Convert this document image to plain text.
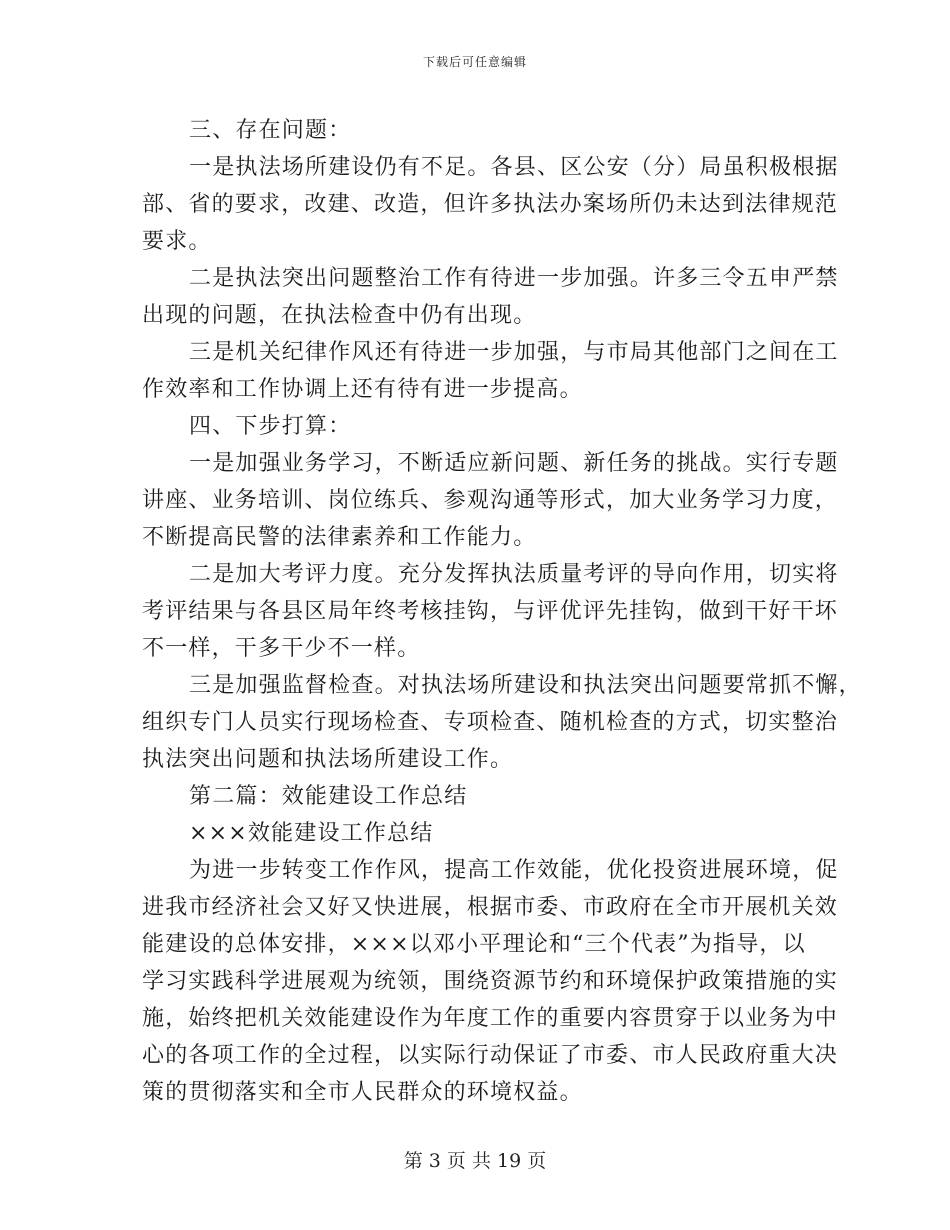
下载后可任意编辑
三、存在问题：
一是执法场所建设仍有不足。各县、区公安（分）局虽积极根据
部、省的要求，改建、改造，但许多执法办案场所仍未达到法律规范
要求。
二是执法突出问题整治工作有待进一步加强。许多三令五申严禁
出现的问题，在执法检查中仍有出现。
三是机关纪律作风还有待进一步加强，与市局其他部门之间在工
作效率和工作协调上还有待有进一步提高。
四、下步打算：
一是加强业务学习，不断适应新问题、新任务的挑战。实行专题
讲座、业务培训、岗位练兵、参观沟通等形式，加大业务学习力度，
不断提高民警的法律素养和工作能力。
二是加大考评力度。充分发挥执法质量考评的导向作用，切实将
考评结果与各县区局年终考核挂钩，与评优评先挂钩，做到干好干坏
不一样，干多干少不一样。
三是加强监督检查。对执法场所建设和执法突出问题要常抓不懈，
组织专门人员实行现场检查、专项检查、随机检查的方式，切实整治
执法突出问题和执法场所建设工作。
第二篇：效能建设工作总结
×××效能建设工作总结
为进一步转变工作作风，提高工作效能，优化投资进展环境，促
进我市经济社会又好又快进展，根据市委、市政府在全市开展机关效
能建设的总体安排，×××以邓小平理论和“三个代表”为指导，以
学习实践科学进展观为统领，围绕资源节约和环境保护政策措施的实
施，始终把机关效能建设作为年度工作的重要内容贯穿于以业务为中
心的各项工作的全过程，以实际行动保证了市委、市人民政府重大决
策的贯彻落实和全市人民群众的环境权益。
第 3 页 共 19 页
